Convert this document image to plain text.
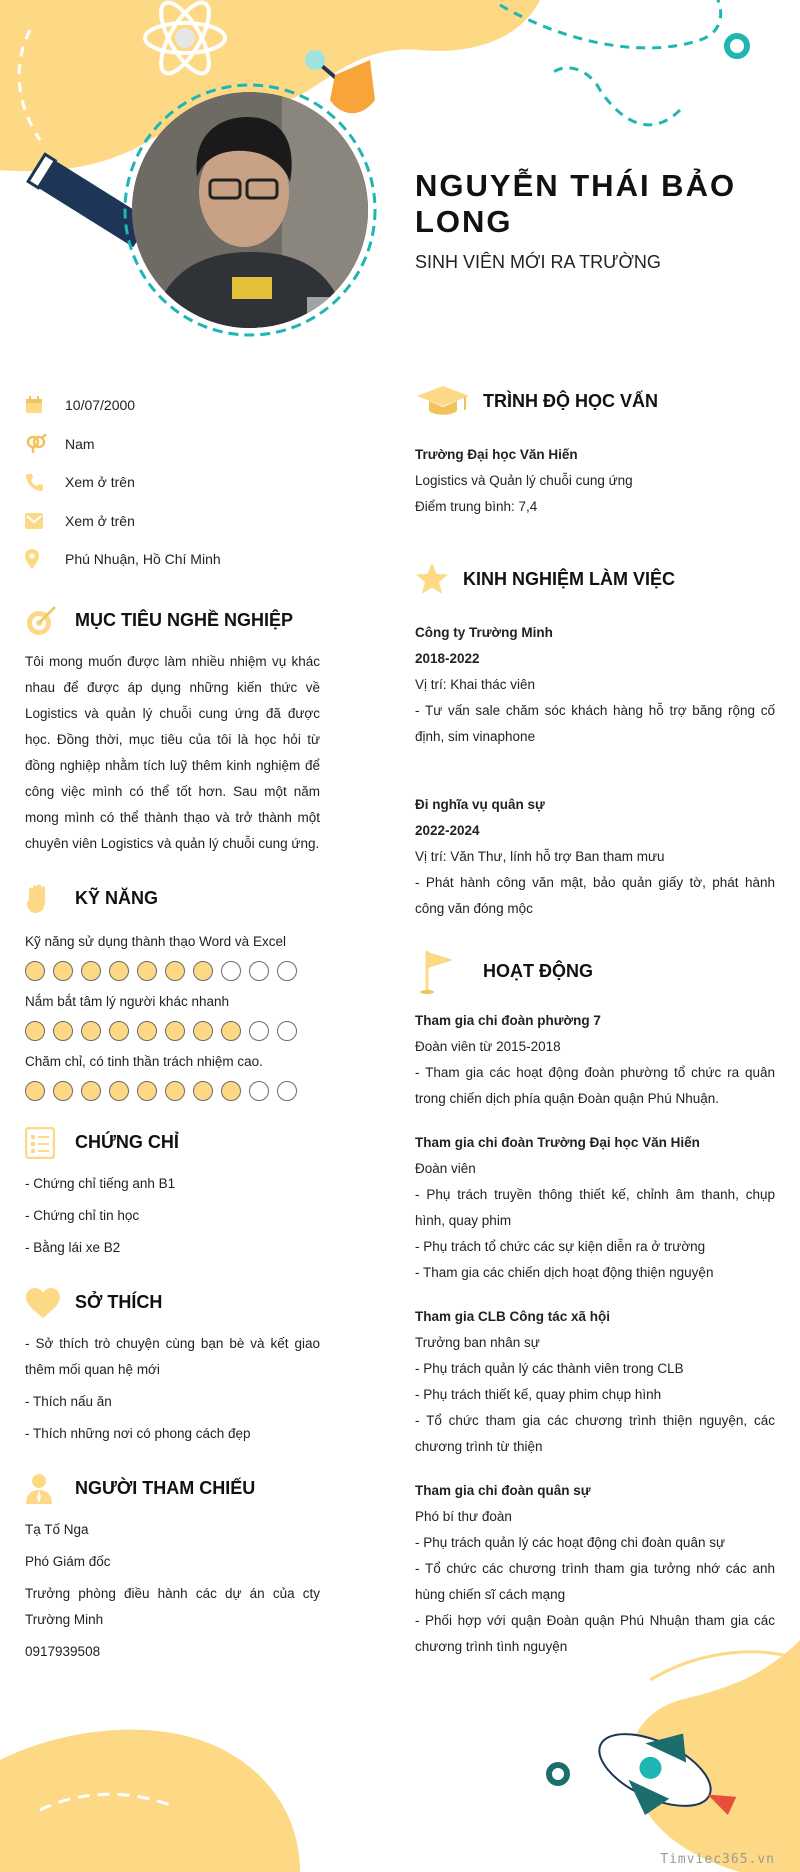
NGUYỄN THÁI BẢO LONG
SINH VIÊN MỚI RA TRƯỜNG
10/07/2000
Nam
Xem ở trên
Xem ở trên
Phú Nhuận, Hồ Chí Minh
MỤC TIÊU NGHỀ NGHIỆP

Tôi mong muốn được làm nhiều nhiệm vụ khác nhau để được áp dụng những kiến thức về Logistics và quản lý chuỗi cung ứng đã được học. Đồng thời, mục tiêu của tôi là học hỏi từ đồng nghiệp nhằm tích luỹ thêm kinh nghiệm để công việc mình có thể tốt hơn. Sau một năm mong mình có thể thành thạo và trở thành một chuyên viên Logistics và quản lý chuỗi cung ứng.

KỸ NĂNG
Kỹ năng sử dụng thành thạo Word và Excel
Nắm bắt tâm lý người khác nhanh
Chăm chỉ, có tinh thần trách nhiệm cao.
CHỨNG CHỈ
- Chứng chỉ tiếng anh B1
- Chứng chỉ tin học
- Bằng lái xe B2
SỞ THÍCH
- Sở thích trò chuyện cùng bạn bè và kết giao thêm mối quan hệ mới
- Thích nấu ăn
- Thích những nơi có phong cách đẹp
NGƯỜI THAM CHIẾU
Tạ Tố Nga
Phó Giám đốc
Trưởng phòng điều hành các dự án của cty Trường Minh
0917939508
TRÌNH ĐỘ HỌC VẤN
Trường Đại học Văn Hiến
Logistics và Quản lý chuỗi cung ứng
Điểm trung bình: 7,4
KINH NGHIỆM LÀM VIỆC
Công ty Trường Minh
2018-2022
Vị trí: Khai thác viên
- Tư vấn sale chăm sóc khách hàng hỗ trợ băng rộng cố định, sim vinaphone
Đi nghĩa vụ quân sự
2022-2024
Vị trí: Văn Thư, lính hỗ trợ Ban tham mưu
- Phát hành công văn mật, bảo quản giấy tờ, phát hành công văn đóng mộc
HOẠT ĐỘNG
Tham gia chi đoàn phường 7
Đoàn viên từ 2015-2018
- Tham gia các hoạt động đoàn phường tổ chức ra quân trong chiến dịch phía quận Đoàn quận Phú Nhuận.
Tham gia chi đoàn Trường Đại học Văn Hiến
Đoàn viên
- Phụ trách truyền thông thiết kế, chỉnh âm thanh, chụp hình, quay phim
- Phụ trách tổ chức các sự kiện diễn ra ở trường
- Tham gia các chiến dịch hoạt động thiện nguyện
Tham gia CLB Công tác xã hội
Trưởng ban nhân sự
- Phụ trách quản lý các thành viên trong CLB
- Phụ trách thiết kế, quay phim chụp hình
- Tổ chức tham gia các chương trình thiện nguyện, các chương trình từ thiện
Tham gia chi đoàn quân sự
Phó bí thư đoàn
- Phụ trách quản lý các hoạt động chi đoàn quân sự
- Tổ chức các chương trình tham gia tưởng nhớ các anh hùng chiến sĩ cách mạng
- Phối hợp với quận Đoàn quận Phú Nhuận tham gia các chương trình tình nguyện
Timviec365.vn
